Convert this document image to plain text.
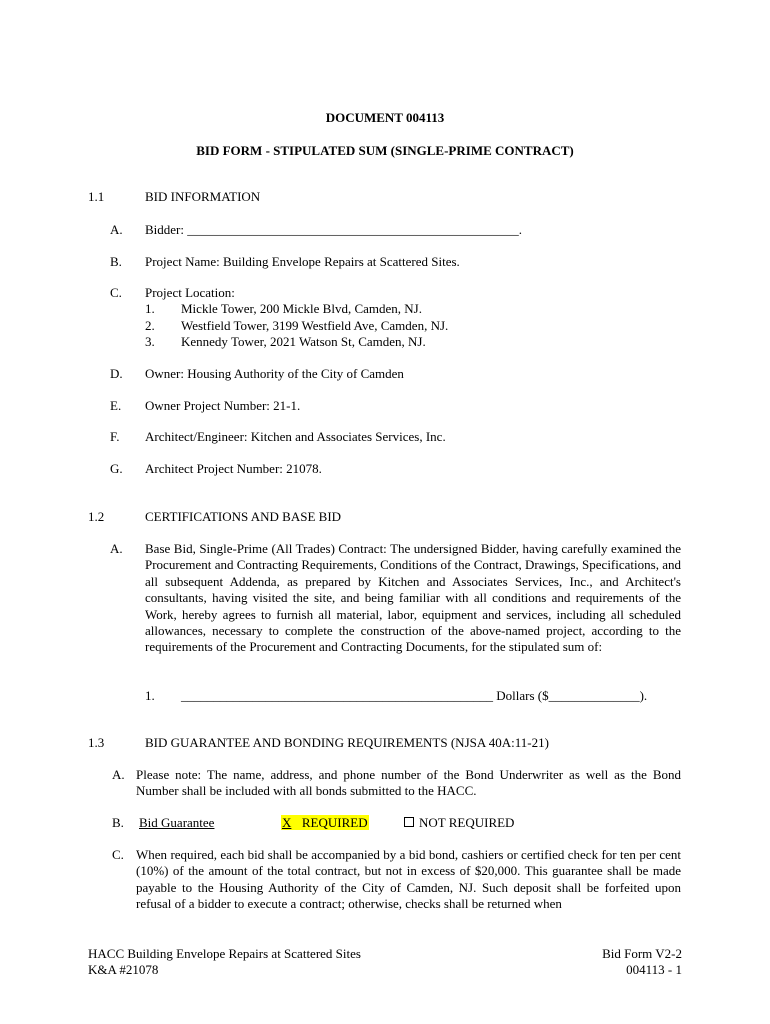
DOCUMENT 004113
BID FORM - STIPULATED SUM (SINGLE-PRIME CONTRACT)
1.1	BID INFORMATION
A. Bidder: ___________________________________________________.
B. Project Name: Building Envelope Repairs at Scattered Sites.
C. Project Location:
1. Mickle Tower, 200 Mickle Blvd, Camden, NJ.
2. Westfield Tower, 3199 Westfield Ave, Camden, NJ.
3. Kennedy Tower, 2021 Watson St, Camden, NJ.
D. Owner: Housing Authority of the City of Camden
E. Owner Project Number: 21-1.
F. Architect/Engineer: Kitchen and Associates Services, Inc.
G. Architect Project Number: 21078.
1.2	CERTIFICATIONS AND BASE BID
A. Base Bid, Single-Prime (All Trades) Contract: The undersigned Bidder, having carefully examined the Procurement and Contracting Requirements, Conditions of the Contract, Drawings, Specifications, and all subsequent Addenda, as prepared by Kitchen and Associates Services, Inc., and Architect's consultants, having visited the site, and being familiar with all conditions and requirements of the Work, hereby agrees to furnish all material, labor, equipment and services, including all scheduled allowances, necessary to complete the construction of the above-named project, according to the requirements of the Procurement and Contracting Documents, for the stipulated sum of:
1. ________________________________________________ Dollars ($______________).
1.3	BID GUARANTEE AND BONDING REQUIREMENTS (NJSA 40A:11-21)
A. Please note: The name, address, and phone number of the Bond Underwriter as well as the Bond Number shall be included with all bonds submitted to the HACC.
B. Bid Guarantee	X REQUIRED	NOT REQUIRED
C. When required, each bid shall be accompanied by a bid bond, cashiers or certified check for ten per cent (10%) of the amount of the total contract, but not in excess of $20,000. This guarantee shall be made payable to the Housing Authority of the City of Camden, NJ. Such deposit shall be forfeited upon refusal of a bidder to execute a contract; otherwise, checks shall be returned when
HACC Building Envelope Repairs at Scattered Sites
K&A #21078
Bid Form V2-2
004113 - 1
